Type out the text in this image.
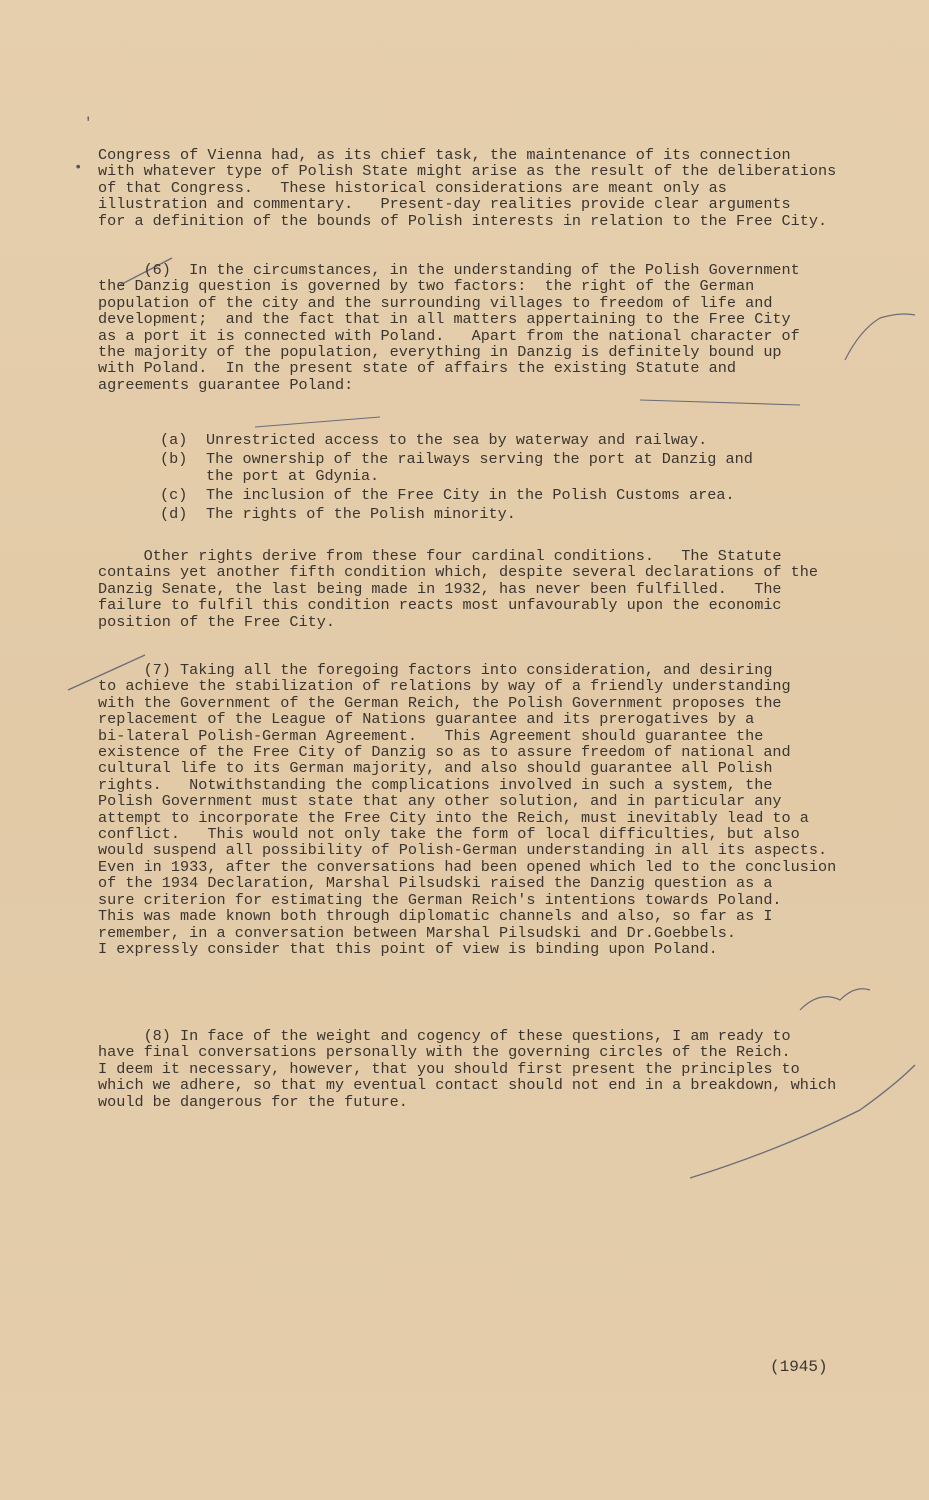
ʹ
•
Congress of Vienna had, as its chief task, the maintenance of its connection
with whatever type of Polish State might arise as the result of the deliberations
of that Congress.   These historical considerations are meant only as
illustration and commentary.   Present-day realities provide clear arguments
for a definition of the bounds of Polish interests in relation to the Free City.
(6)  In the circumstances, in the understanding of the Polish Government
the Danzig question is governed by two factors:  the right of the German
population of the city and the surrounding villages to freedom of life and
development;  and the fact that in all matters appertaining to the Free City
as a port it is connected with Poland.   Apart from the national character of
the majority of the population, everything in Danzig is definitely bound up
with Poland.  In the present state of affairs the existing Statute and
agreements guarantee Poland:
(a)	Unrestricted access to the sea by waterway and railway.
(b)	The ownership of the railways serving the port at Danzig and
the port at Gdynia.
(c)	The inclusion of the Free City in the Polish Customs area.
(d)	The rights of the Polish minority.
Other rights derive from these four cardinal conditions.   The Statute
contains yet another fifth condition which, despite several declarations of the
Danzig Senate, the last being made in 1932, has never been fulfilled.   The
failure to fulfil this condition reacts most unfavourably upon the economic
position of the Free City.
(7) Taking all the foregoing factors into consideration, and desiring
to achieve the stabilization of relations by way of a friendly understanding
with the Government of the German Reich, the Polish Government proposes the
replacement of the League of Nations guarantee and its prerogatives by a
bi-lateral Polish-German Agreement.   This Agreement should guarantee the
existence of the Free City of Danzig so as to assure freedom of national and
cultural life to its German majority, and also should guarantee all Polish
rights.   Notwithstanding the complications involved in such a system, the
Polish Government must state that any other solution, and in particular any
attempt to incorporate the Free City into the Reich, must inevitably lead to a
conflict.   This would not only take the form of local difficulties, but also
would suspend all possibility of Polish-German understanding in all its aspects.
Even in 1933, after the conversations had been opened which led to the conclusion
of the 1934 Declaration, Marshal Pilsudski raised the Danzig question as a
sure criterion for estimating the German Reich's intentions towards Poland.
This was made known both through diplomatic channels and also, so far as I
remember, in a conversation between Marshal Pilsudski and Dr.Goebbels.
I expressly consider that this point of view is binding upon Poland.
(8) In face of the weight and cogency of these questions, I am ready to
have final conversations personally with the governing circles of the Reich.
I deem it necessary, however, that you should first present the principles to
which we adhere, so that my eventual contact should not end in a breakdown, which
would be dangerous for the future.
(1945)
